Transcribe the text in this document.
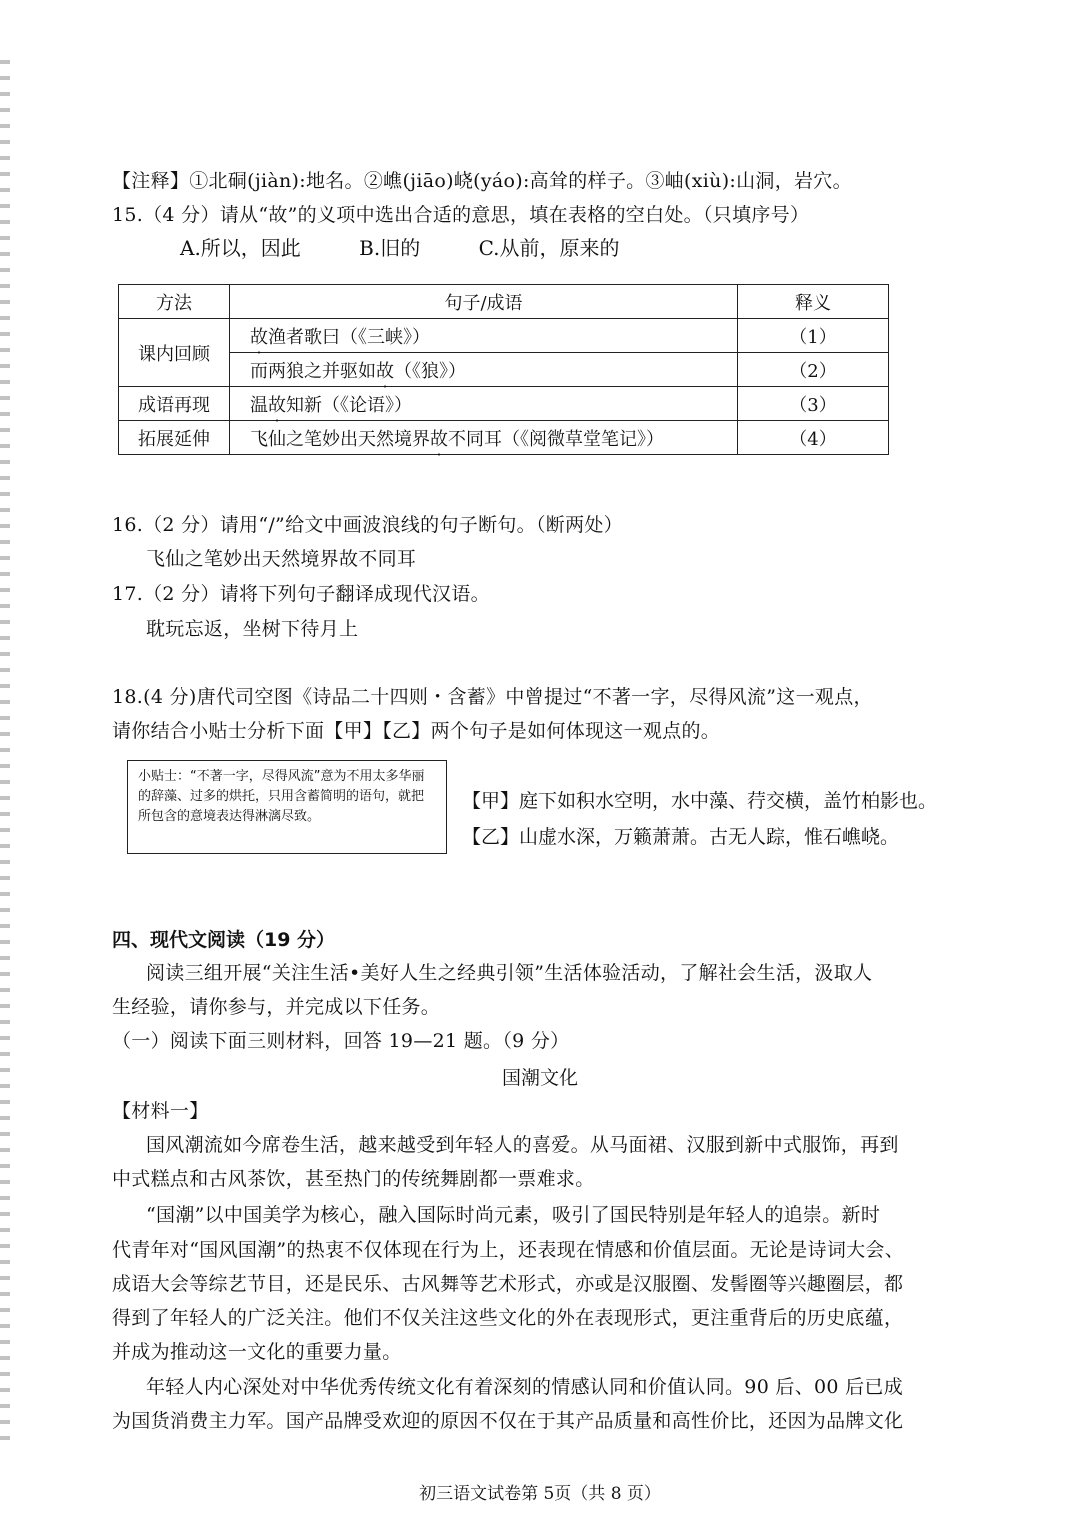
【注释】①北硐(jiàn):地名。②嶕(jiāo)峣(yáo):高耸的样子。③岫(xiù):山洞，岩穴。
15.（4 分）请从“故”的义项中选出合适的意思，填在表格的空白处。（只填序号）
A.所以，因此	B.旧的	C.从前，原来的
方法	句子/成语	释义
课内回顾	故渔者歌曰（《三峡》）	（1）
	而两狼之并驱如故（《狼》）	（2）
成语再现	温故知新（《论语》）	（3）
拓展延伸	飞仙之笔妙出天然境界故不同耳（《阅微草堂笔记》）	（4）
16.（2 分）请用“/”给文中画波浪线的句子断句。（断两处）
飞仙之笔妙出天然境界故不同耳
17.（2 分）请将下列句子翻译成现代汉语。
耽玩忘返，坐树下待月上
18.(4 分)唐代司空图《诗品二十四则・含蓄》中曾提过“不著一字，尽得风流”这一观点，
请你结合小贴士分析下面【甲】【乙】两个句子是如何体现这一观点的。
小贴士：“不著一字，尽得风流”意为不用太多华丽的辞藻、过多的烘托，只用含蓄简明的语句，就把所包含的意境表达得淋漓尽致。
【甲】庭下如积水空明，水中藻、荇交横，盖竹柏影也。
【乙】山虚水深，万籁萧萧。古无人踪，惟石嶕峣。
四、现代文阅读（19 分）
阅读三组开展“关注生活•美好人生之经典引领”生活体验活动，了解社会生活，汲取人
生经验，请你参与，并完成以下任务。
（一）阅读下面三则材料，回答 19—21 题。（9 分）
国潮文化
【材料一】
国风潮流如今席卷生活，越来越受到年轻人的喜爱。从马面裙、汉服到新中式服饰，再到
中式糕点和古风茶饮，甚至热门的传统舞剧都一票难求。
“国潮”以中国美学为核心，融入国际时尚元素，吸引了国民特别是年轻人的追崇。新时
代青年对“国风国潮”的热衷不仅体现在行为上，还表现在情感和价值层面。无论是诗词大会、
成语大会等综艺节目，还是民乐、古风舞等艺术形式，亦或是汉服圈、发髻圈等兴趣圈层，都
得到了年轻人的广泛关注。他们不仅关注这些文化的外在表现形式，更注重背后的历史底蕴，
并成为推动这一文化的重要力量。
年轻人内心深处对中华优秀传统文化有着深刻的情感认同和价值认同。90 后、00 后已成
为国货消费主力军。国产品牌受欢迎的原因不仅在于其产品质量和高性价比，还因为品牌文化
初三语文试卷第 5页（共 8 页）
